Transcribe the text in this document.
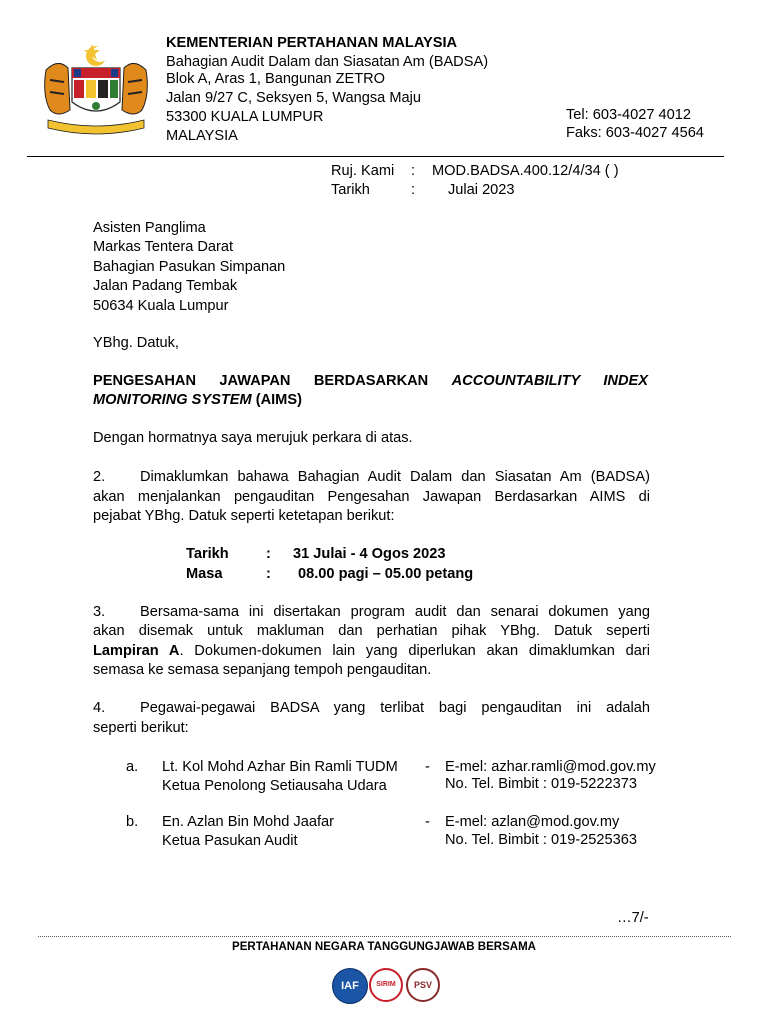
KEMENTERIAN PERTAHANAN MALAYSIA
Bahagian Audit Dalam dan Siasatan Am (BADSA)
Blok A, Aras 1, Bangunan ZETRO
Jalan 9/27 C, Seksyen 5, Wangsa Maju
53300 KUALA LUMPUR
MALAYSIA
Tel: 603-4027 4012
Faks: 603-4027 4564
Ruj. Kami : MOD.BADSA.400.12/4/34 ( )
Tarikh	: Julai 2023
Asisten Panglima
Markas Tentera Darat
Bahagian Pasukan Simpanan
Jalan Padang Tembak
50634 Kuala Lumpur
YBhg. Datuk,
PENGESAHAN JAWAPAN BERDASARKAN ACCOUNTABILITY INDEX
MONITORING SYSTEM (AIMS)
Dengan hormatnya saya merujuk perkara di atas.
2. Dimaklumkan bahawa Bahagian Audit Dalam dan Siasatan Am (BADSA)
akan menjalankan pengauditan Pengesahan Jawapan Berdasarkan AIMS di
pejabat YBhg. Datuk seperti ketetapan berikut:
Tarikh	: 31 Julai - 4 Ogos 2023
Masa	: 08.00 pagi – 05.00 petang
3. Bersama-sama ini disertakan program audit dan senarai dokumen yang
akan disemak untuk makluman dan perhatian pihak YBhg. Datuk seperti
Lampiran A. Dokumen-dokumen lain yang diperlukan akan dimaklumkan dari
semasa ke semasa sepanjang tempoh pengauditan.
4. Pegawai-pegawai BADSA yang terlibat bagi pengauditan ini adalah
seperti berikut:
a. Lt. Kol Mohd Azhar Bin Ramli TUDM
Ketua Penolong Setiausaha Udara
- E-mel: azhar.ramli@mod.gov.my
No. Tel. Bimbit : 019-5222373
b. En. Azlan Bin Mohd Jaafar
Ketua Pasukan Audit
- E-mel: azlan@mod.gov.my
No. Tel. Bimbit : 019-2525363
…7/-
PERTAHANAN NEGARA TANGGUNGJAWAB BERSAMA
IAF	SIRIM	PSV
